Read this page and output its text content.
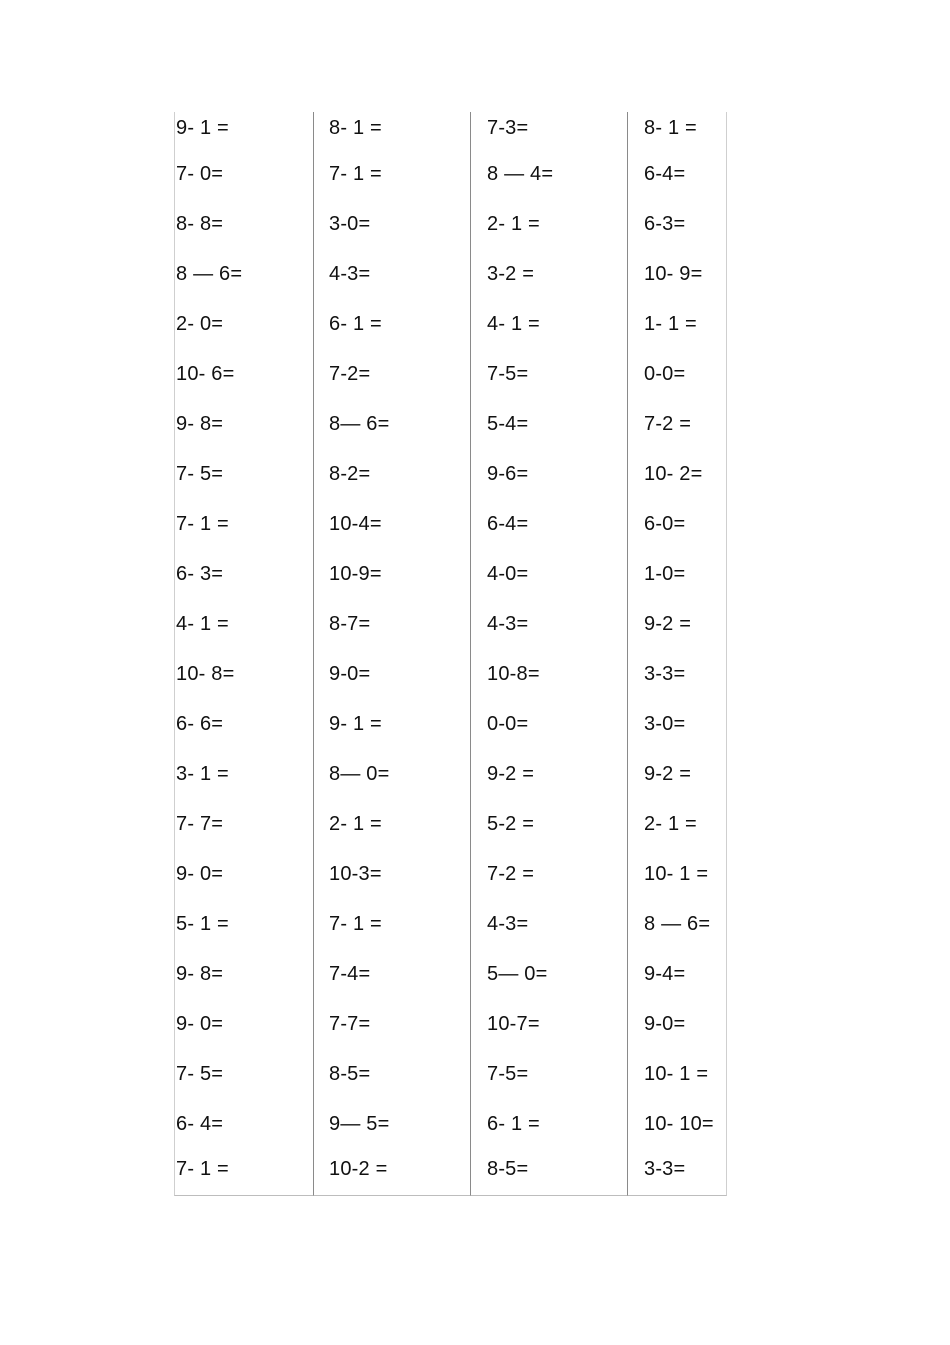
9- 1 =
7- 0=
8- 8=
8 — 6=
2- 0=
10- 6=
9- 8=
7- 5=
7- 1 =
6- 3=
4- 1 =
10- 8=
6- 6=
3- 1 =
7- 7=
9- 0=
5- 1 =
9- 8=
9- 0=
7- 5=
6- 4=
7- 1 =
8- 1 =
7- 1 =
3-0=
4-3=
6- 1 =
7-2=
8— 6=
8-2=
10-4=
10-9=
8-7=
9-0=
9- 1 =
8— 0=
2- 1 =
10-3=
7- 1 =
7-4=
7-7=
8-5=
9— 5=
10-2 =
7-3=
8 — 4=
2- 1 =
3-2 =
4- 1 =
7-5=
5-4=
9-6=
6-4=
4-0=
4-3=
10-8=
0-0=
9-2 =
5-2 =
7-2 =
4-3=
5— 0=
10-7=
7-5=
6- 1 =
8-5=
8- 1 =
6-4=
6-3=
10- 9=
1- 1 =
0-0=
7-2 =
10- 2=
6-0=
1-0=
9-2 =
3-3=
3-0=
9-2 =
2- 1 =
10- 1 =
8 — 6=
9-4=
9-0=
10- 1 =
10- 10=
3-3=
